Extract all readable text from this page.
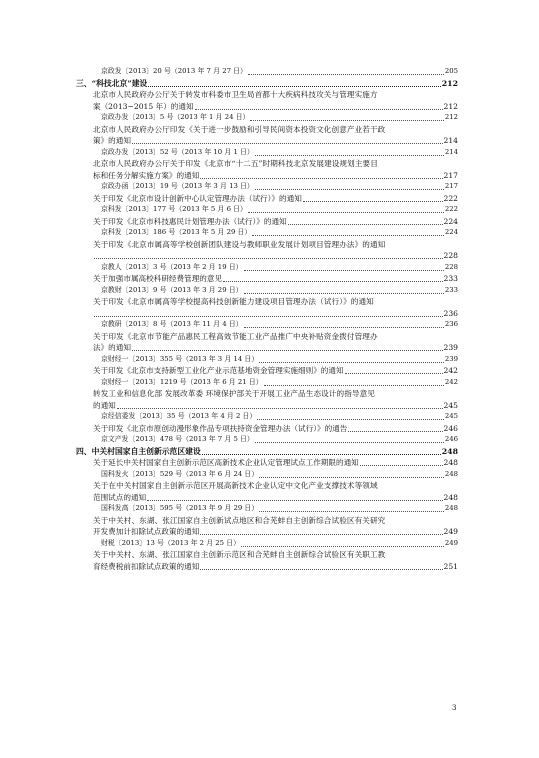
京政发〔2013〕20 号（2013 年 7 月 27 日）	205
三、“科技北京”建设	212
北京市人民政府办公厅关于转发市科委市卫生局首都十大疾病科技攻关与管理实施方
案（2013−2015 年）的通知	212
京政办发〔2013〕5 号（2013 年 1 月 24 日）	212
北京市人民政府办公厅印发《关于进一步鼓励和引导民间资本投资文化创意产业若干政
策》的通知	214
京政办发〔2013〕52 号（2013 年 10 月 1 日）	214
北京市人民政府办公厅关于印发《北京市“十二五”时期科技北京发展建设规划主要目
标和任务分解实施方案》的通知	217
京政办函〔2013〕19 号（2013 年 3 月 13 日）	217
关于印发《北京市设计创新中心认定管理办法（试行）》的通知	222
京科发〔2013〕177 号（2013 年 5 月 6 日）	222
关于印发《北京市科技惠民计划管理办法（试行）》的通知	224
京科发〔2013〕186 号（2013 年 5 月 29 日）	224
关于印发《北京市属高等学校创新团队建设与教师职业发展计划项目管理办法》的通知
228
京教人〔2013〕3 号（2013 年 2 月 19 日）	228
关于加强市属高校科研经费管理的意见	233
京教财〔2013〕9 号（2013 年 3 月 29 日）	233
关于印发《北京市属高等学校提高科技创新能力建设项目管理办法（试行）》的通知
236
京教研〔2013〕8 号（2013 年 11 月 4 日）	236
关于印发《北京市节能产品惠民工程高效节能工业产品推广中央补贴资金拨付管理办
法》的通知	239
京财经一〔2013〕355 号（2013 年 3 月 14 日）	239
关于印发《北京市支持新型工业化产业示范基地资金管理实施细则》的通知	242
京财经一〔2013〕1219 号（2013 年 6 月 21 日）	242
转发工业和信息化部 发展改革委 环境保护部关于开展工业产品生态设计的指导意见
的通知	245
京经信委发〔2013〕35 号（2013 年 4 月 2 日）	245
关于印发《北京市原创动漫形象作品专项扶持资金管理办法（试行）》的通告	246
京文产发〔2013〕478 号（2013 年 7 月 5 日）	246
四、中关村国家自主创新示范区建设	248
关于延长中关村国家自主创新示范区高新技术企业认定管理试点工作期限的通知	248
国科发火〔2013〕529 号（2013 年 6 月 24 日）	248
关于在中关村国家自主创新示范区开展高新技术企业认定中文化产业支撑技术等领域
范围试点的通知	248
国科发高〔2013〕595 号（2013 年 9 月 29 日）	248
关于中关村、东湖、张江国家自主创新试点地区和合芜蚌自主创新综合试验区有关研究
开发费加计扣除试点政策的通知	249
财税〔2013〕13 号（2013 年 2 月 25 日）	249
关于中关村、东湖、张江国家自主创新示范区和合芜蚌自主创新综合试验区有关职工教
育经费税前扣除试点政策的通知	251
3
